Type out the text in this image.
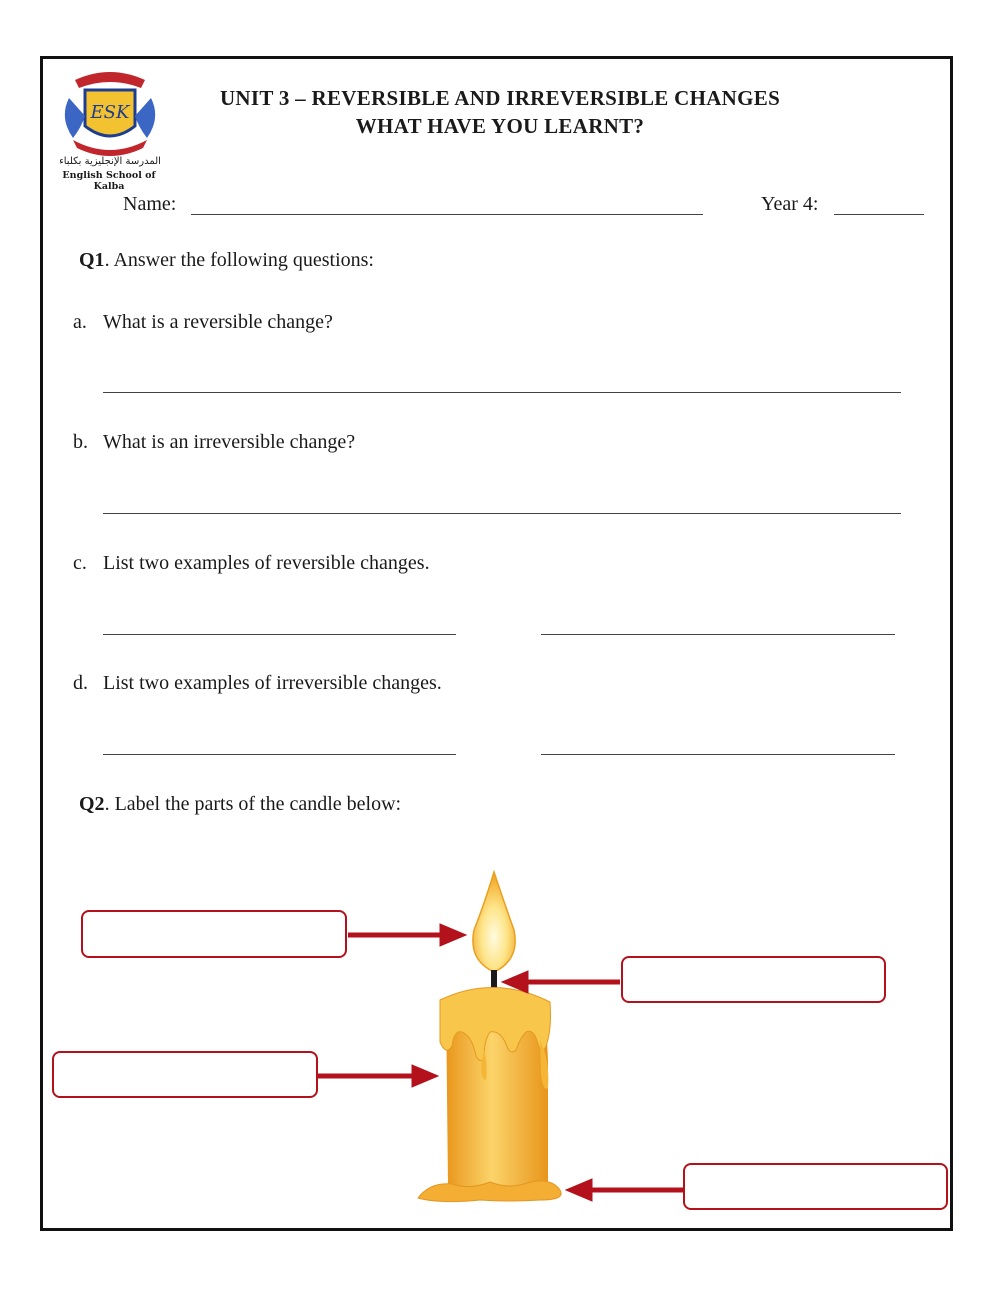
ESK
المدرسة الإنجليزية بكلباء
English School of Kalba
UNIT 3 – REVERSIBLE AND IRREVERSIBLE CHANGES
WHAT HAVE YOU LEARNT?
Name:	Year 4:
Q1. Answer the following questions:
a. What is a reversible change?
b. What is an irreversible change?
c. List two examples of reversible changes.
d. List two examples of irreversible changes.
Q2. Label the parts of the candle below:
